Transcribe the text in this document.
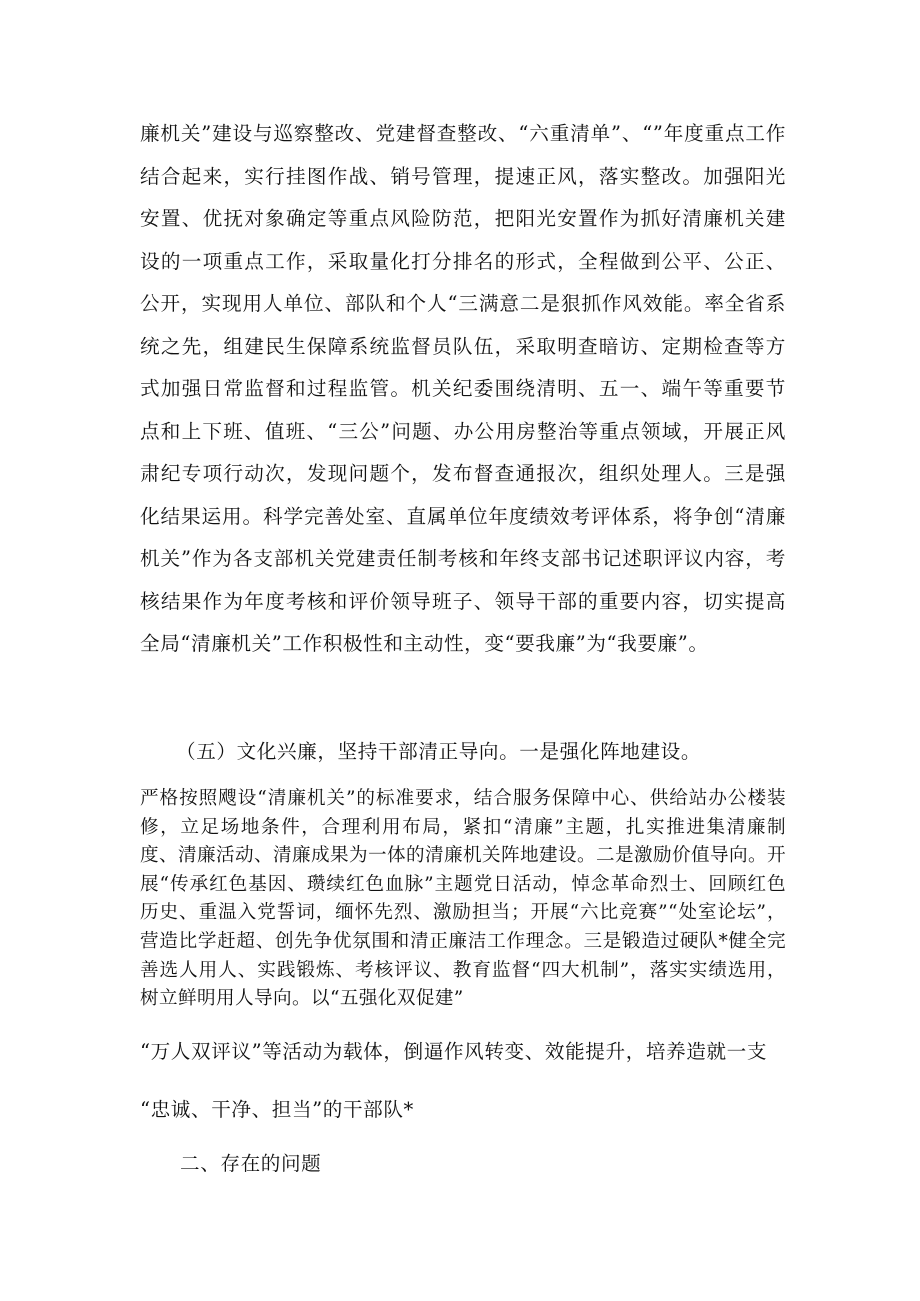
廉机关”建设与巡察整改、党建督查整改、“六重清单”、“”年度重点工作结合起来，实行挂图作战、销号管理，提速正风，落实整改。加强阳光安置、优抚对象确定等重点风险防范，把阳光安置作为抓好清廉机关建设的一项重点工作，采取量化打分排名的形式，全程做到公平、公正、公开，实现用人单位、部队和个人“三满意二是狠抓作风效能。率全省系统之先，组建民生保障系统监督员队伍，采取明查暗访、定期检查等方式加强日常监督和过程监管。机关纪委围绕清明、五一、端午等重要节点和上下班、值班、“三公”问题、办公用房整治等重点领域，开展正风肃纪专项行动次，发现问题个，发布督查通报次，组织处理人。三是强化结果运用。科学完善处室、直属单位年度绩效考评体系，将争创“清廉机关”作为各支部机关党建责任制考核和年终支部书记述职评议内容，考核结果作为年度考核和评价领导班子、领导干部的重要内容，切实提高全局“清廉机关”工作积极性和主动性，变“要我廉”为“我要廉”。

（五）文化兴廉，坚持干部清正导向。一是强化阵地建设。

严格按照飕设“清廉机关”的标准要求，结合服务保障中心、供给站办公楼装修，立足场地条件，合理利用布局，紧扣“清廉”主题，扎实推进集清廉制度、清廉活动、清廉成果为一体的清廉机关阵地建设。二是激励价值导向。开展“传承红色基因、瓒续红色血脉”主题党日活动，悼念革命烈士、回顾红色历史、重温入党誓词，缅怀先烈、激励担当；开展“六比竞赛”“处室论坛”，营造比学赶超、创先争优氛围和清正廉洁工作理念。三是锻造过硬队*健全完善选人用人、实践锻炼、考核评议、教育监督“四大机制”，落实实绩选用，树立鲜明用人导向。以“五强化双促建”

“万人双评议”等活动为载体，倒逼作风转变、效能提升，培养造就一支

“忠诚、干净、担当”的干部队*

二、存在的问题
